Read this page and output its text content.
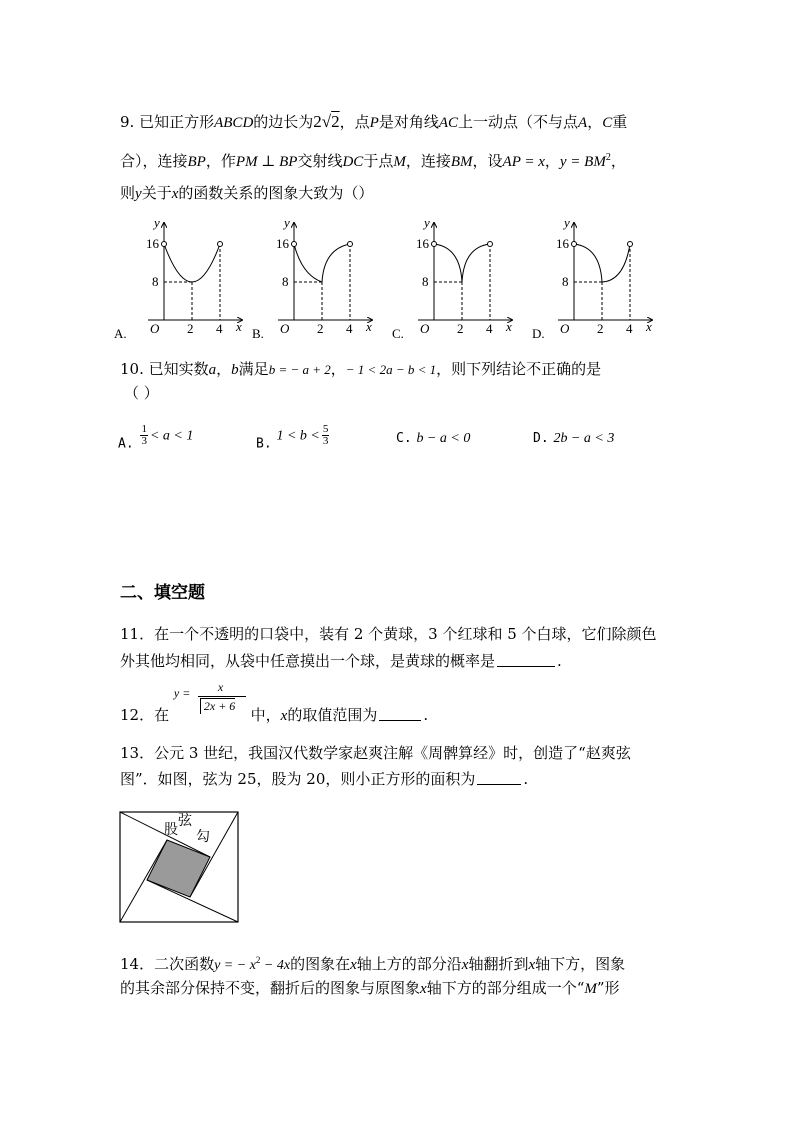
9. 已知正方形ABCD的边长为2√2，点P是对角线AC上一动点（不与点A，C重
合），连接BP，作PM ⊥ BP交射线DC于点M，连接BM，设AP = x，$y = BM^2$，
则y关于x的函数关系的图象大致为（）
A.
y
x
O
16
8
2 4 B.
y
x
O
16
8
2 4	C.
y
x
O
16
8
2 4	D.
y
x
O
16
8
2 4
10. 已知实数a，b满足b = − a + 2，− 1 < 2a − b < 1，则下列结论不正确的是
（ ）
A. $\frac{1}{3} < a < 1$
B. $1 < b < \frac{5}{3}$	C. b − a < 0	D. 2b − a < 3
二、填空题
11．在一个不透明的口袋中，装有 2 个黄球，3 个红球和 5 个白球，它们除颜色
外其他均相同，从袋中任意摸出一个球，是黄球的概率是	.
12．在
y = x
2x + 6 中，x的取值范围为	.
13．公元 3 世纪，我国汉代数学家赵爽注解《周髀算经》时，创造了“赵爽弦
图”．如图，弦为 25，股为 20，则小正方形的面积为	.
股
弦
勾
14．二次函数y = − $x^2 - 4x$的图象在x轴上方的部分沿x轴翻折到x轴下方，图象
的其余部分保持不变，翻折后的图象与原图象x轴下方的部分组成一个“M”形
